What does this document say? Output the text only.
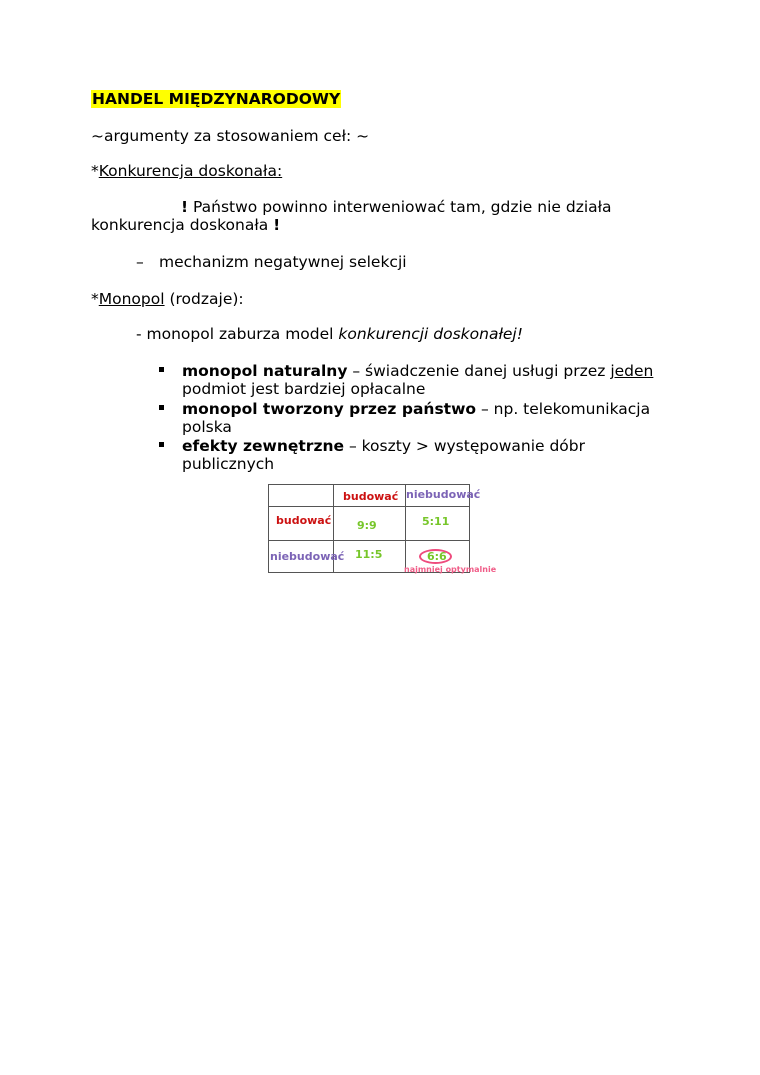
HANDEL MIĘDZYNARODOWY
~argumenty za stosowaniem ceł: ~
*Konkurencja doskonała:
! Państwo powinno interweniować tam, gdzie nie działa
konkurencja doskonała !
– mechanizm negatywnej selekcji
*Monopol (rodzaje):
- monopol zaburza model konkurencji doskonałej!
monopol naturalny – świadczenie danej usługi przez jeden
podmiot jest bardziej opłacalne
monopol tworzony przez państwo – np. telekomunikacja
polska
efekty zewnętrzne – koszty > występowanie dóbr
publicznych
budować niebudować
budować
niebudować
9:9	5:11
11:5	6:6
najmniej optymalnie
